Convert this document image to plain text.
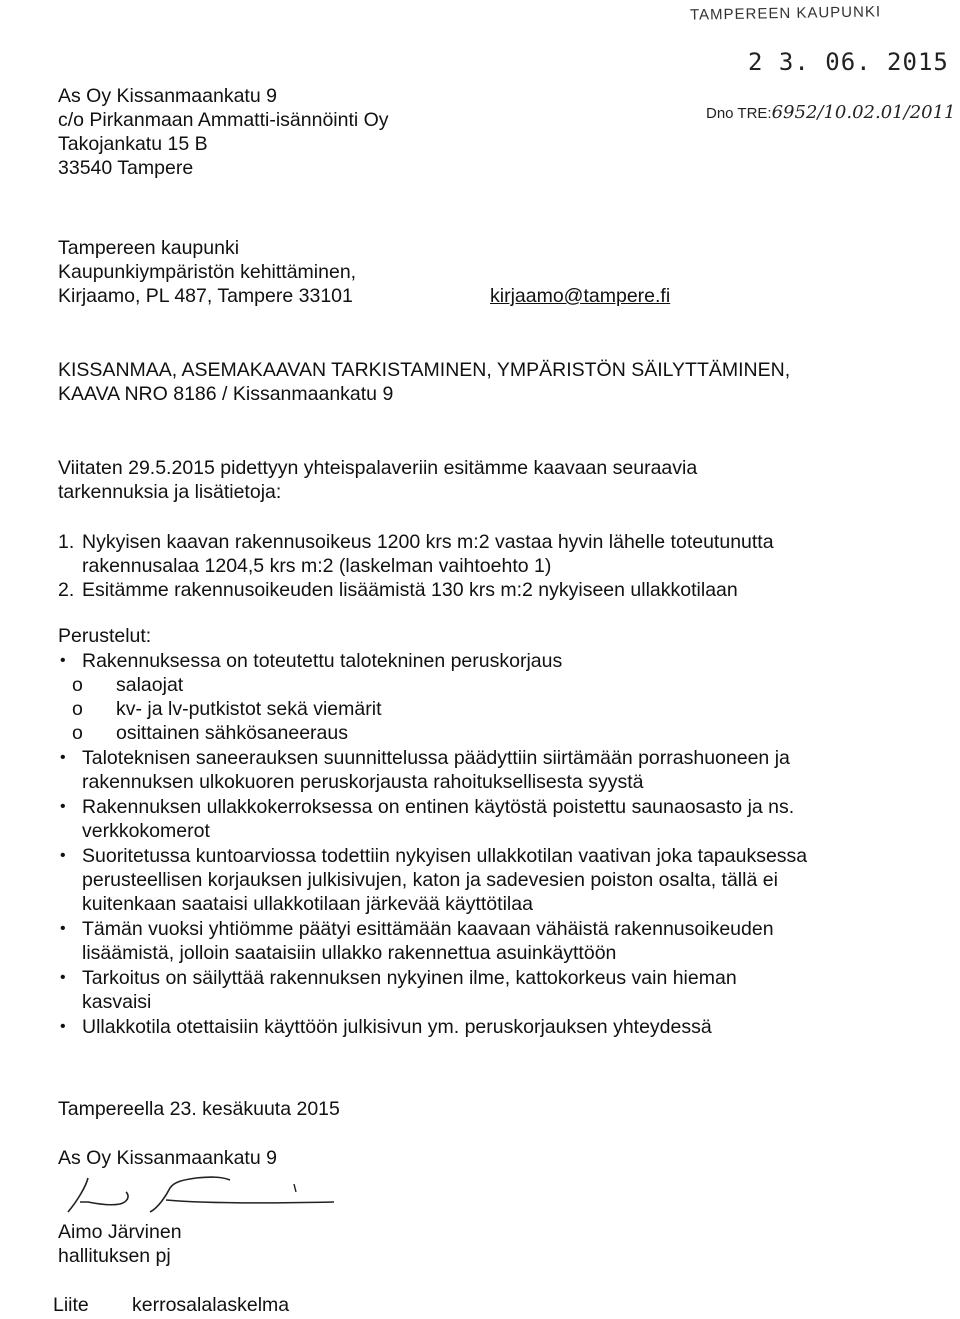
TAMPEREEN KAUPUNKI
2 3. 06. 2015
Dno TRE:6952/10.02.01/2011
As Oy Kissanmaankatu 9
c/o Pirkanmaan Ammatti-isännöinti Oy
Takojankatu 15 B
33540 Tampere
Tampereen kaupunki
Kaupunkiympäristön kehittäminen,
Kirjaamo, PL 487, Tampere 33101	kirjaamo@tampere.fi
KISSANMAA, ASEMAKAAVAN TARKISTAMINEN, YMPÄRISTÖN SÄILYTTÄMINEN,
KAAVA NRO 8186 / Kissanmaankatu 9
Viitaten 29.5.2015 pidettyyn yhteispalaveriin esitämme kaavaan seuraavia
tarkennuksia ja lisätietoja:
1. Nykyisen kaavan rakennusoikeus 1200 krs m:2 vastaa hyvin lähelle toteutunutta
rakennusalaa 1204,5 krs m:2 (laskelman vaihtoehto 1)
2. Esitämme rakennusoikeuden lisäämistä 130 krs m:2 nykyiseen ullakkotilaan
Perustelut:
• Rakennuksessa on toteutettu talotekninen peruskorjaus
o salaojat
o kv- ja lv-putkistot sekä viemärit
o osittainen sähkösaneeraus
• Taloteknisen saneerauksen suunnittelussa päädyttiin siirtämään porrashuoneen ja
rakennuksen ulkokuoren peruskorjausta rahoituksellisesta syystä
• Rakennuksen ullakkokerroksessa on entinen käytöstä poistettu saunaosasto ja ns.
verkkokomerot
• Suoritetussa kuntoarviossa todettiin nykyisen ullakkotilan vaativan joka tapauksessa
perusteellisen korjauksen julkisivujen, katon ja sadevesien poiston osalta, tällä ei
kuitenkaan saataisi ullakkotilaan järkevää käyttötilaa
• Tämän vuoksi yhtiömme päätyi esittämään kaavaan vähäistä rakennusoikeuden
lisäämistä, jolloin saataisiin ullakko rakennettua asuinkäyttöön
• Tarkoitus on säilyttää rakennuksen nykyinen ilme, kattokorkeus vain hieman
kasvaisi
• Ullakkotila otettaisiin käyttöön julkisivun ym. peruskorjauksen yhteydessä
Tampereella 23. kesäkuuta 2015
As Oy Kissanmaankatu 9
Aimo Järvinen
hallituksen pj
Liite kerrosalalaskelma
